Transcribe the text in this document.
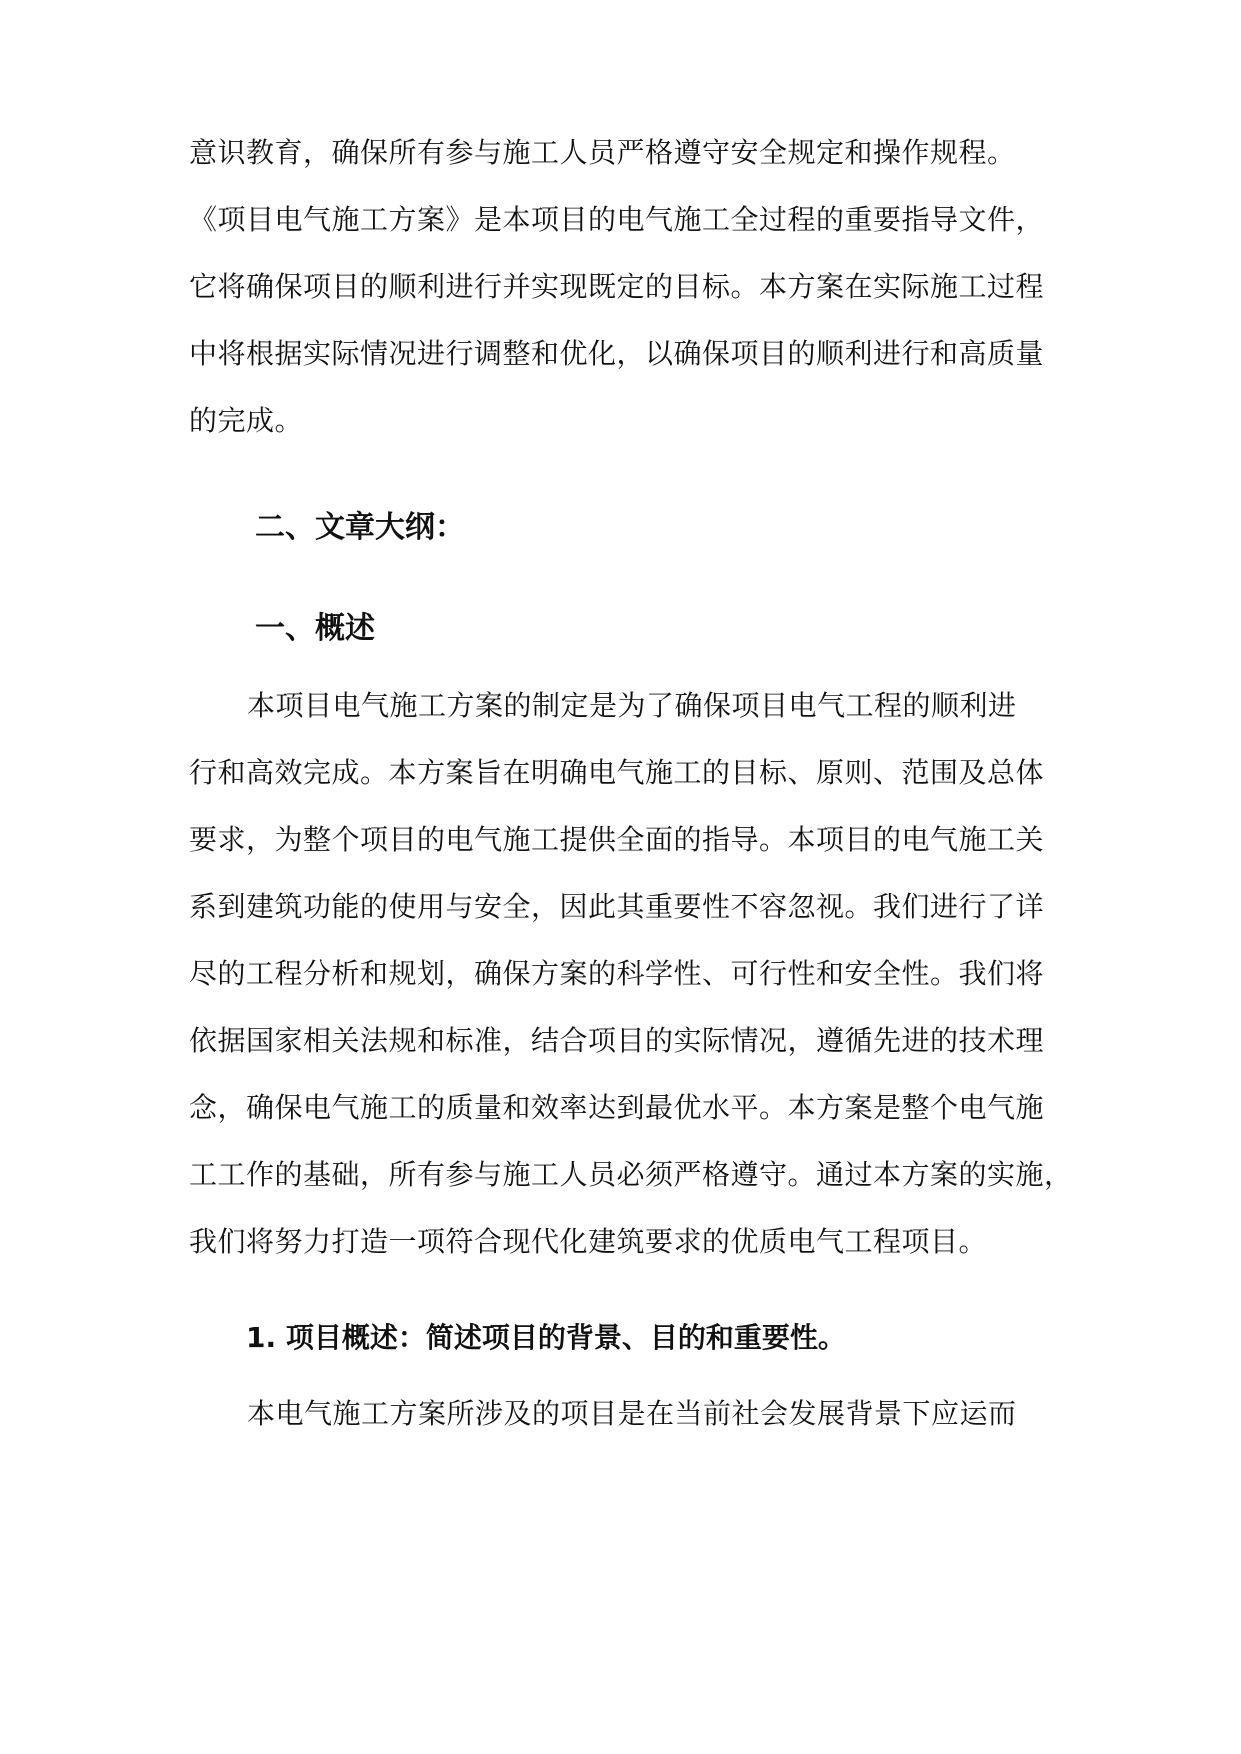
意识教育，确保所有参与施工人员严格遵守安全规定和操作规程。
《项目电气施工方案》是本项目的电气施工全过程的重要指导文件，
它将确保项目的顺利进行并实现既定的目标。本方案在实际施工过程
中将根据实际情况进行调整和优化，以确保项目的顺利进行和高质量
的完成。
二、文章大纲：
一、概述
本项目电气施工方案的制定是为了确保项目电气工程的顺利进
行和高效完成。本方案旨在明确电气施工的目标、原则、范围及总体
要求，为整个项目的电气施工提供全面的指导。本项目的电气施工关
系到建筑功能的使用与安全，因此其重要性不容忽视。我们进行了详
尽的工程分析和规划，确保方案的科学性、可行性和安全性。我们将
依据国家相关法规和标准，结合项目的实际情况，遵循先进的技术理
念，确保电气施工的质量和效率达到最优水平。本方案是整个电气施
工工作的基础，所有参与施工人员必须严格遵守。通过本方案的实施，
我们将努力打造一项符合现代化建筑要求的优质电气工程项目。
1. 项目概述：简述项目的背景、目的和重要性。
本电气施工方案所涉及的项目是在当前社会发展背景下应运而
